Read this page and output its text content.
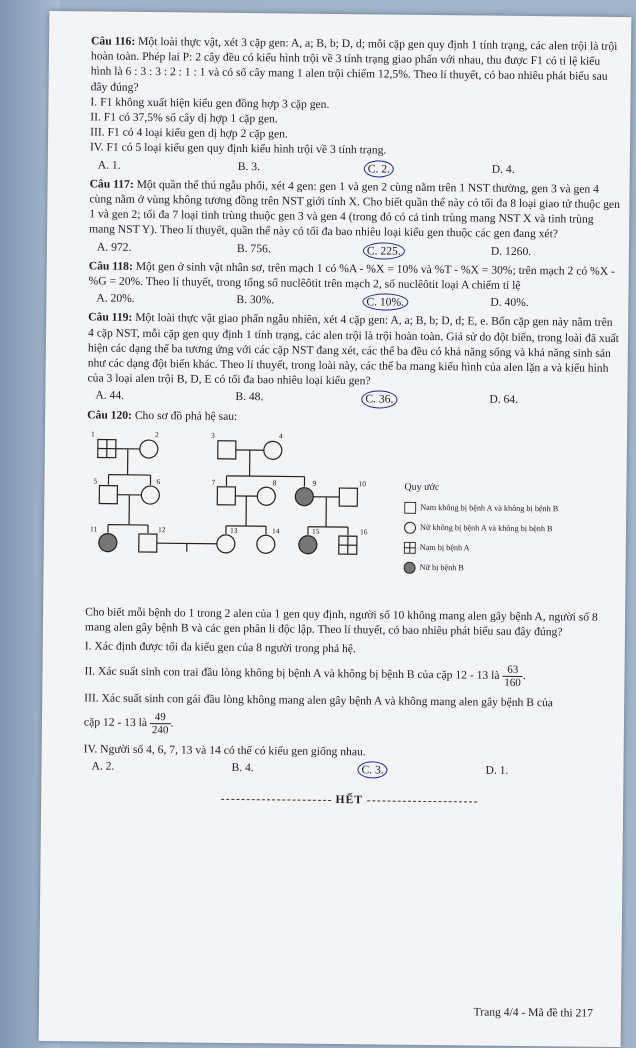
Câu 116: Một loài thực vật, xét 3 cặp gen: A, a; B, b; D, d; mỗi cặp gen quy định 1 tính trạng, các alen trội là trội hoàn toàn. Phép lai P: 2 cây đều có kiểu hình trội về 3 tính trạng giao phấn với nhau, thu được F1 có tỉ lệ kiểu hình là 6 : 3 : 3 : 2 : 1 : 1 và có số cây mang 1 alen trội chiếm 12,5%. Theo lí thuyết, có bao nhiêu phát biểu sau đây đúng?

I. F1 không xuất hiện kiểu gen đồng hợp 3 cặp gen.

II. F1 có 37,5% số cây dị hợp 1 cặp gen.

III. F1 có 4 loại kiểu gen dị hợp 2 cặp gen.

IV. F1 có 5 loại kiểu gen quy định kiểu hình trội về 3 tính trạng.

A. 1.	B. 3.	C. 2.	D. 4.

Câu 117: Một quần thể thú ngẫu phối, xét 4 gen: gen 1 và gen 2 cùng nằm trên 1 NST thường, gen 3 và gen 4 cùng nằm ở vùng không tương đồng trên NST giới tính X. Cho biết quần thể này có tối đa 8 loại giao tử thuộc gen 1 và gen 2; tối đa 7 loại tinh trùng thuộc gen 3 và gen 4 (trong đó có cả tinh trùng mang NST X và tinh trùng mang NST Y). Theo lí thuyết, quần thể này có tối đa bao nhiêu loại kiểu gen thuộc các gen đang xét?

A. 972.	B. 756.	C. 225.	D. 1260.

Câu 118: Một gen ở sinh vật nhân sơ, trên mạch 1 có %A - %X = 10% và %T - %X = 30%; trên mạch 2 có %X - %G = 20%. Theo lí thuyết, trong tổng số nuclêôtit trên mạch 2, số nuclêôtit loại A chiếm tỉ lệ

A. 20%.	B. 30%.	C. 10%.	D. 40%.

Câu 119: Một loài thực vật giao phấn ngẫu nhiên, xét 4 cặp gen: A, a; B, b; D, d; E, e. Bốn cặp gen này nằm trên 4 cặp NST, mỗi cặp gen quy định 1 tính trạng, các alen trội là trội hoàn toàn. Giả sử do đột biến, trong loài đã xuất hiện các dạng thể ba tương ứng với các cặp NST đang xét, các thể ba đều có khả năng sống và khả năng sinh sản như các dạng đột biến khác. Theo lí thuyết, trong loài này, các thể ba mang kiểu hình của alen lặn a và kiểu hình của 3 loại alen trội B, D, E có tối đa bao nhiêu loại kiểu gen?

A. 44.	B. 48.	C. 36.	D. 64.

Câu 120: Cho sơ đồ phả hệ sau:

1	2	3	4
5	6	7	8	9	10
11	12	13	14	15	16
Quy ước
Nam không bị bệnh A và không bị bệnh B
Nữ không bị bệnh A và không bị bệnh B
Nam bị bệnh A
Nữ bị bệnh B

Cho biết mỗi bệnh do 1 trong 2 alen của 1 gen quy định, người số 10 không mang alen gây bệnh A, người số 8 mang alen gây bệnh B và các gen phân li độc lập. Theo lí thuyết, có bao nhiêu phát biểu sau đây đúng?

I. Xác định được tối đa kiểu gen của 8 người trong phả hệ.

II. Xác suất sinh con trai đầu lòng không bị bệnh A và không bị bệnh B của cặp 12 - 13 là $\frac{63}{160}$ .

III. Xác suất sinh con gái đầu lòng không mang alen gây bệnh A và không mang alen gây bệnh B của

cặp 12 - 13 là $\frac{49}{240}$ .

IV. Người số 4, 6, 7, 13 và 14 có thể có kiểu gen giống nhau.

A. 2.	B. 4.	C. 3.	D. 1.
HẾT
Trang 4/4 - Mã đề thi 217
